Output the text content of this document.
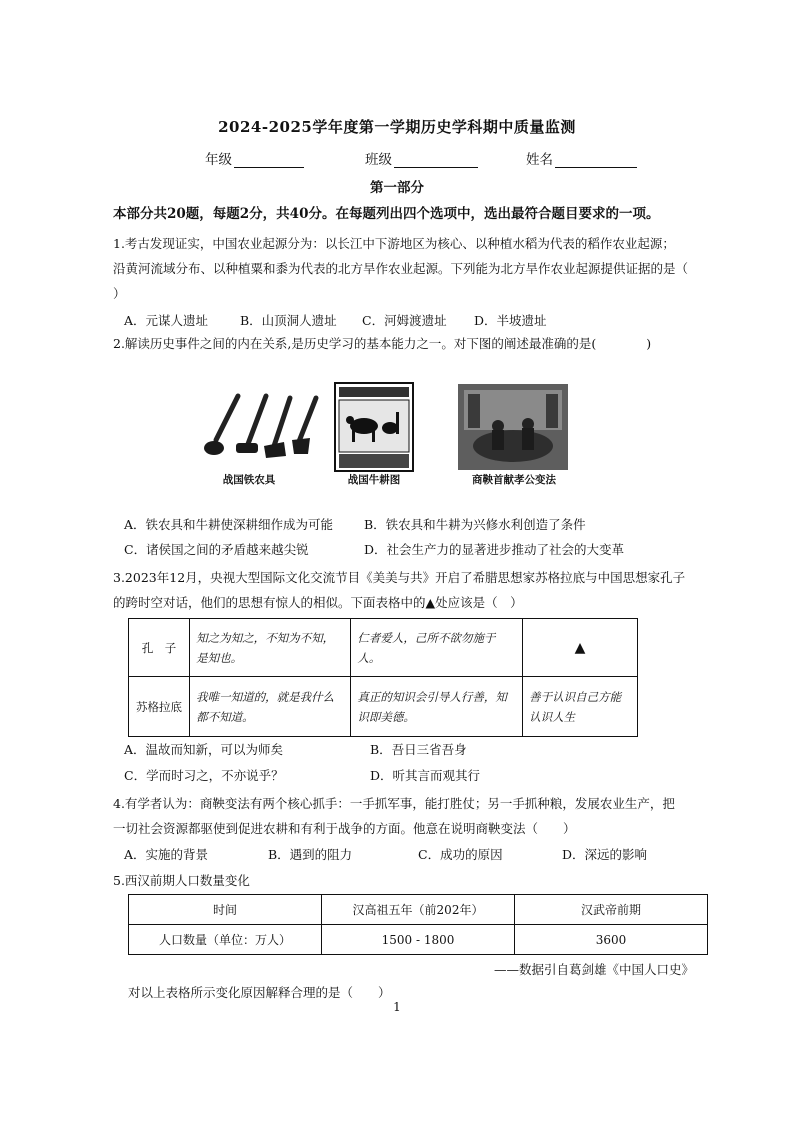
2024-2025学年度第一学期历史学科期中质量监测
年级	班级	姓名
第一部分
本部分共20题，每题2分，共40分。在每题列出四个选项中，选出最符合题目要求的一项。
1.考古发现证实，中国农业起源分为：以长江中下游地区为核心、以种植水稻为代表的稻作农业起源；
沿黄河流域分布、以种植粟和黍为代表的北方旱作农业起源。下列能为北方旱作农业起源提供证据的是（
）
A．元谋人遗址	B．山顶洞人遗址 C．河姆渡遗址 D．半坡遗址
2.解读历史事件之间的内在关系,是历史学习的基本能力之一。对下图的阐述最准确的是(　　　　)
战国铁农具	战国牛耕图	商鞅首献孝公变法
A．铁农具和牛耕使深耕细作成为可能 B．铁农具和牛耕为兴修水利创造了条件
C．诸侯国之间的矛盾越来越尖锐	D．社会生产力的显著进步推动了社会的大变革
3.2023年12月，央视大型国际文化交流节目《美美与共》开启了希腊思想家苏格拉底与中国思想家孔子
的跨时空对话，他们的思想有惊人的相似。下面表格中的▲处应该是（　）
孔　子	知之为知之，不知为不知，是知也。	仁者爱人，己所不欲勿施于人。	▲
苏格拉底	我唯一知道的，就是我什么都不知道。	真正的知识会引导人行善，知识即美德。	善于认识自己方能认识人生
A．温故而知新，可以为师矣	B．吾日三省吾身
C．学而时习之，不亦说乎？	D．听其言而观其行
4.有学者认为：商鞅变法有两个核心抓手：一手抓军事，能打胜仗；另一手抓种粮，发展农业生产，把
一切社会资源都驱使到促进农耕和有利于战争的方面。他意在说明商鞅变法（　　）
A．实施的背景	B．遇到的阻力	C．成功的原因	D．深远的影响
5.西汉前期人口数量变化
时间	汉高祖五年（前202年）	汉武帝前期
人口数量（单位：万人）	1500 - 1800	3600
——数据引自葛剑雄《中国人口史》
对以上表格所示变化原因解释合理的是（　　）
1
